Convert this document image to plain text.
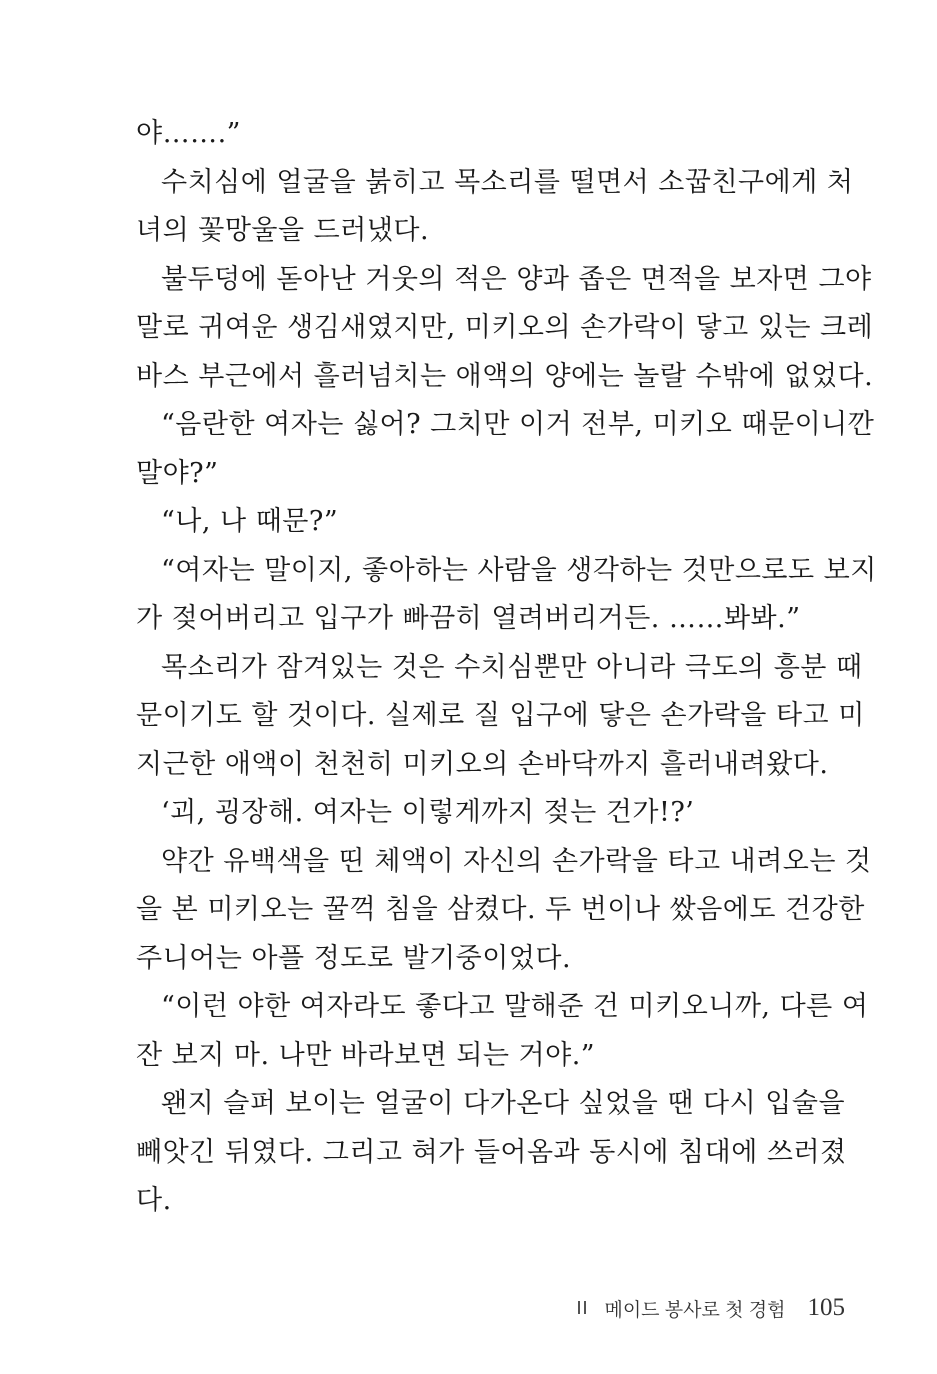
야…….”
수치심에 얼굴을 붉히고 목소리를 떨면서 소꿉친구에게 처
녀의 꽃망울을 드러냈다.
불두덩에 돋아난 거웃의 적은 양과 좁은 면적을 보자면 그야
말로 귀여운 생김새였지만, 미키오의 손가락이 닿고 있는 크레
바스 부근에서 흘러넘치는 애액의 양에는 놀랄 수밖에 없었다.
“음란한 여자는 싫어? 그치만 이거 전부, 미키오 때문이니깐
말야?”
“나, 나 때문?”
“여자는 말이지, 좋아하는 사람을 생각하는 것만으로도 보지
가 젖어버리고 입구가 빠끔히 열려버리거든. ……봐봐.”
목소리가 잠겨있는 것은 수치심뿐만 아니라 극도의 흥분 때
문이기도 할 것이다. 실제로 질 입구에 닿은 손가락을 타고 미
지근한 애액이 천천히 미키오의 손바닥까지 흘러내려왔다.
‘괴, 굉장해. 여자는 이렇게까지 젖는 건가!?’
약간 유백색을 띤 체액이 자신의 손가락을 타고 내려오는 것
을 본 미키오는 꿀꺽 침을 삼켰다. 두 번이나 쌌음에도 건강한
주니어는 아플 정도로 발기중이었다.
“이런 야한 여자라도 좋다고 말해준 건 미키오니까, 다른 여
잔 보지 마. 나만 바라보면 되는 거야.”
왠지 슬퍼 보이는 얼굴이 다가온다 싶었을 땐 다시 입술을
빼앗긴 뒤였다. 그리고 혀가 들어옴과 동시에 침대에 쓰러졌
다.
II 메이드 봉사로 첫 경험 105
